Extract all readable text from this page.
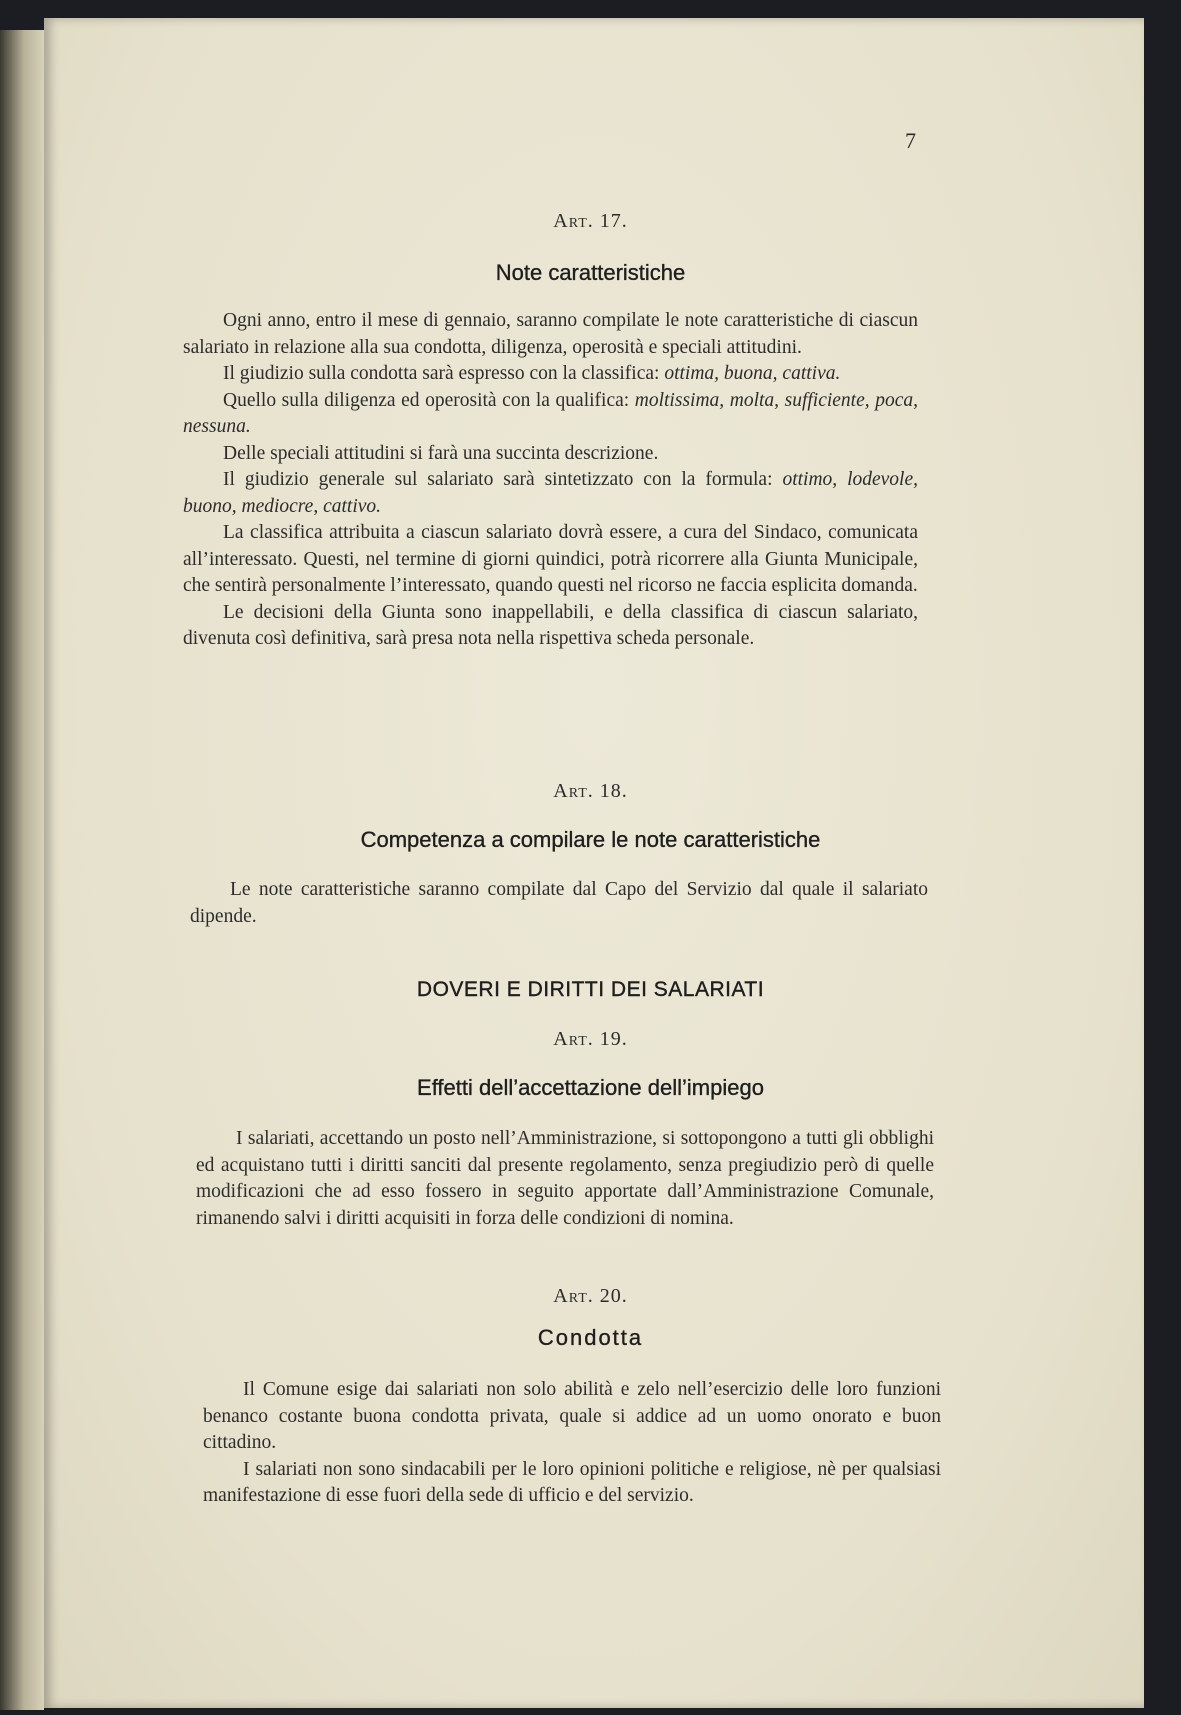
7
Art. 17.
Note caratteristiche

Ogni anno, entro il mese di gennaio, saranno compilate le note caratteristiche di ciascun salariato in relazione alla sua condotta, diligenza, operosità e speciali attitudini.

Il giudizio sulla condotta sarà espresso con la classifica: ottima, buona, cattiva.

Quello sulla diligenza ed operosità con la qualifica: moltissima, molta, sufficiente, poca, nessuna.

Delle speciali attitudini si farà una succinta descrizione.

Il giudizio generale sul salariato sarà sintetizzato con la formula: ottimo, lodevole, buono, mediocre, cattivo.

La classifica attribuita a ciascun salariato dovrà essere, a cura del Sindaco, comunicata all’interessato. Questi, nel termine di giorni quindici, potrà ricorrere alla Giunta Municipale, che sentirà personalmente l’interessato, quando questi nel ricorso ne faccia esplicita domanda.

Le decisioni della Giunta sono inappellabili, e della classifica di ciascun salariato, divenuta così definitiva, sarà presa nota nella rispettiva scheda personale.

Art. 18.
Competenza a compilare le note caratteristiche

Le note caratteristiche saranno compilate dal Capo del Servizio dal quale il salariato dipende.

DOVERI E DIRITTI DEI SALARIATI
Art. 19.
Effetti dell’accettazione dell’impiego

I salariati, accettando un posto nell’Amministrazione, si sottopongono a tutti gli obblighi ed acquistano tutti i diritti sanciti dal presente regolamento, senza pregiudizio però di quelle modificazioni che ad esso fossero in seguito apportate dall’Amministrazione Comunale, rimanendo salvi i diritti acquisiti in forza delle condizioni di nomina.

Art. 20.
Condotta

Il Comune esige dai salariati non solo abilità e zelo nell’esercizio delle loro funzioni benanco costante buona condotta privata, quale si addice ad un uomo onorato e buon cittadino.

I salariati non sono sindacabili per le loro opinioni politiche e religiose, nè per qualsiasi manifestazione di esse fuori della sede di ufficio e del servizio.
